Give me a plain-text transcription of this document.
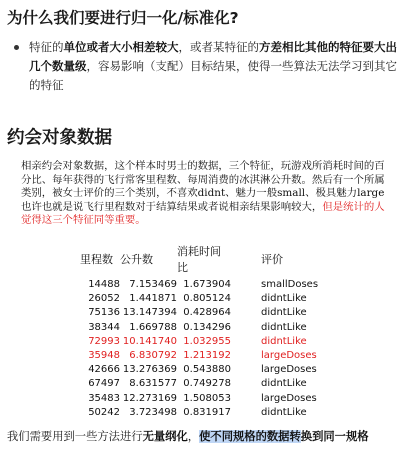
为什么我们要进行归一化/标准化?
特征的单位或者大小相差较大，或者某特征的方差相比其他的特征要大出几个数量级，容易影响（支配）目标结果，使得一些算法无法学习到其它的特征
约会对象数据
相亲约会对象数据，这个样本时男士的数据，三个特征，玩游戏所消耗时间的百分比、每年获得的飞行常客里程数、每周消费的冰淇淋公升数。然后有一个所属类别，被女士评价的三个类别，不喜欢didnt、魅力一般small、极具魅力large也许也就是说飞行里程数对于结算结果或者说相亲结果影响较大，但是统计的人觉得这三个特征同等重要。
里程数	公升数	消耗时间比	评价
14488	7.153469	1.673904	smallDoses
26052	1.441871	0.805124	didntLike
75136	13.147394	0.428964	didntLike
38344	1.669788	0.134296	didntLike
72993	10.141740	1.032955	didntLike
35948	6.830792	1.213192	largeDoses
42666	13.276369	0.543880	largeDoses
67497	8.631577	0.749278	didntLike
35483	12.273169	1.508053	largeDoses
50242	3.723498	0.831917	didntLike
我们需要用到一些方法进行无量纲化，使不同规格的数据转换到同一规格
